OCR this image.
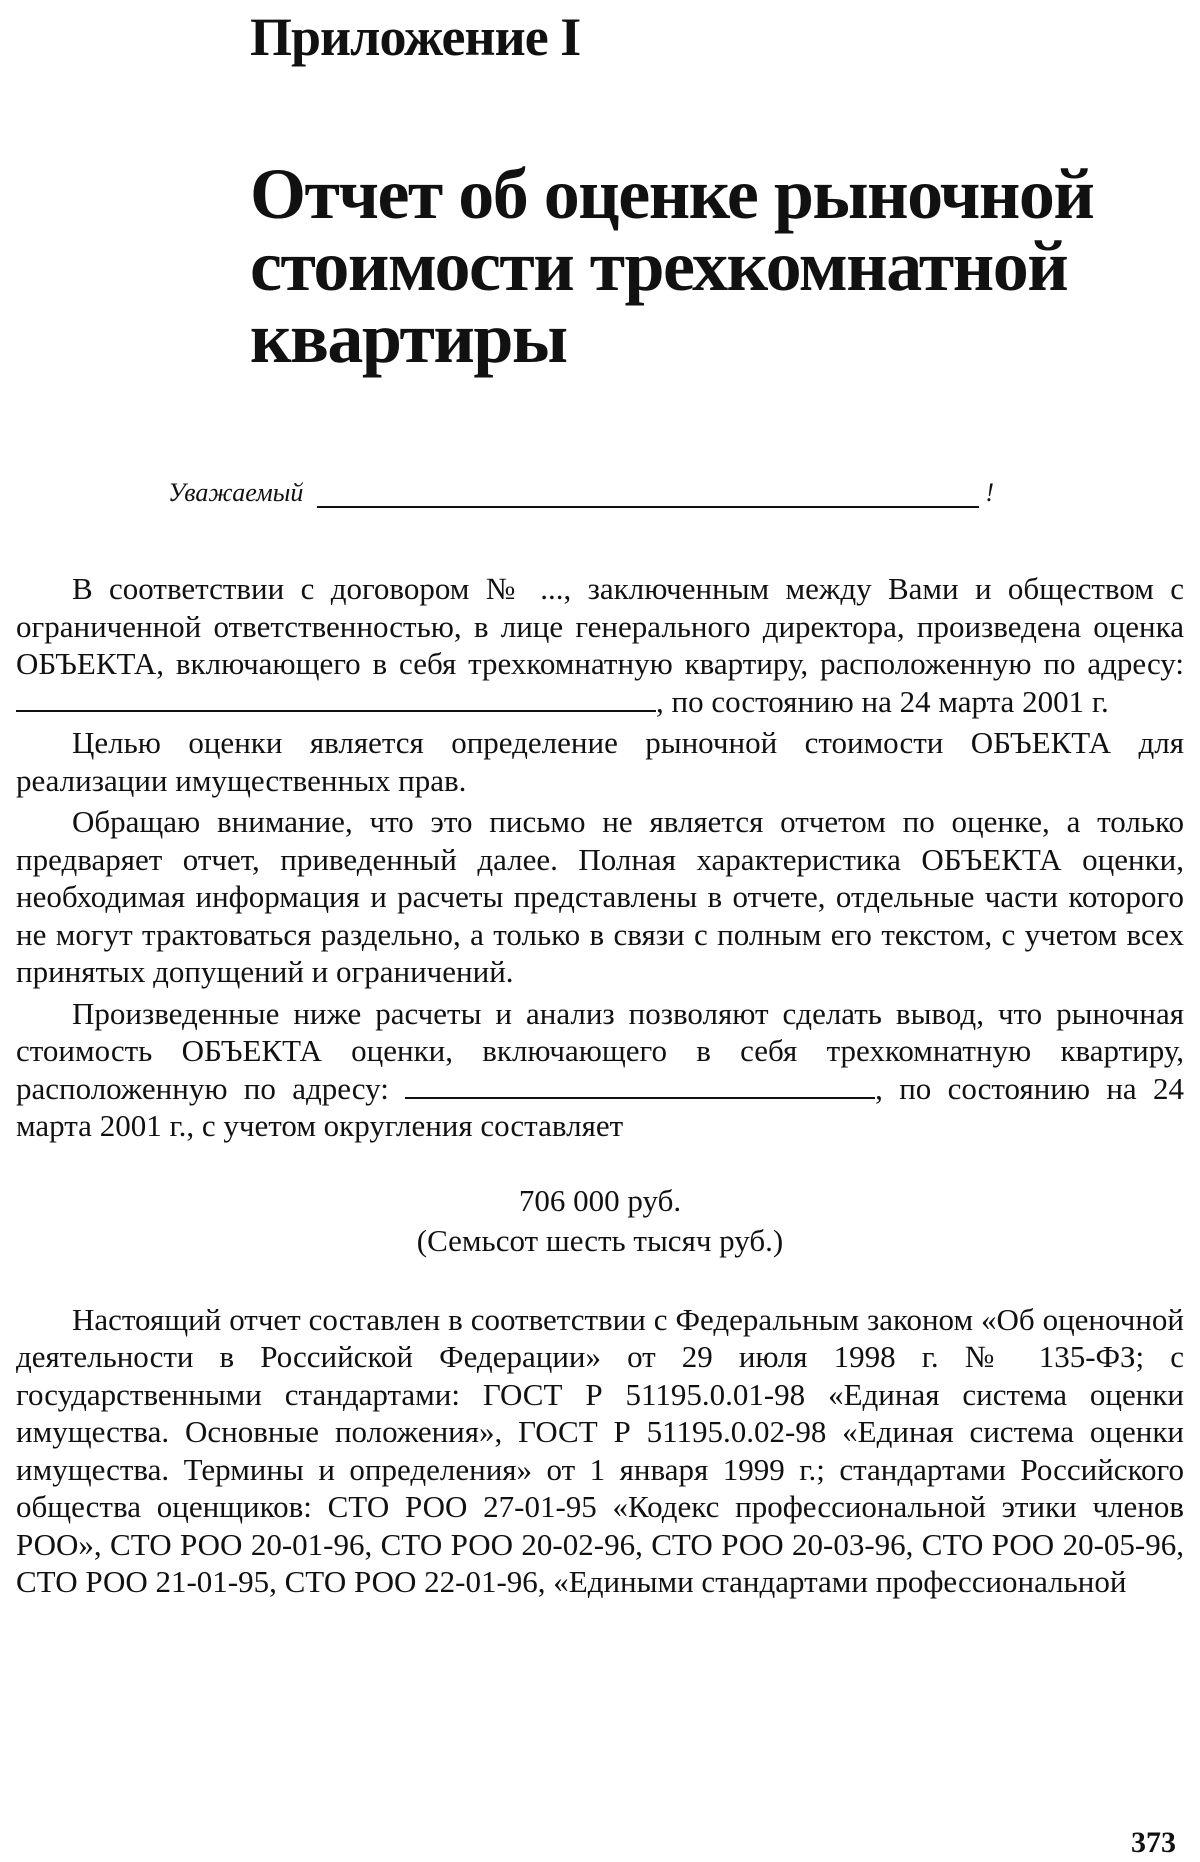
Приложение I
Отчет об оценке рыночной
стоимости трехкомнатной
квартиры
Уважаемый	!

В соответствии с договором № ..., заключенным между Вами и обществом с ограниченной ответственностью, в лице генерального директора, произведена оценка ОБЪЕКТА, включающего в себя трехкомнатную квартиру, расположенную по адресу: , по состоянию на 24 марта 2001 г.

Целью оценки является определение рыночной стоимости ОБЪЕКТА для реализации имущественных прав.

Обращаю внимание, что это письмо не является отчетом по оценке, а только предваряет отчет, приведенный далее. Полная характеристика ОБЪЕКТА оценки, необходимая информация и расчеты представлены в отчете, отдельные части которого не могут трактоваться раздельно, а только в связи с полным его текстом, с учетом всех принятых допущений и ограничений.

Произведенные ниже расчеты и анализ позволяют сделать вывод, что рыночная стоимость ОБЪЕКТА оценки, включающего в себя трехкомнатную квартиру, расположенную по адресу:	, по состоянию на 24 марта 2001 г., с учетом округления составляет

706 000 руб.
(Семьсот шесть тысяч руб.)

Настоящий отчет составлен в соответствии с Федеральным законом «Об оценочной деятельности в Российской Федерации» от 29 июля 1998 г. № 135-ФЗ; с государственными стандартами: ГОСТ Р 51195.0.01-98 «Единая система оценки имущества. Основные положения», ГОСТ Р 51195.0.02-98 «Единая система оценки имущества. Термины и определения» от 1 января 1999 г.; стандартами Российского общества оценщиков: СТО РОО 27-01-95 «Кодекс профессиональной этики членов РОО», СТО РОО 20-01-96, СТО РОО 20-02-96, СТО РОО 20-03-96, СТО РОО 20-05-96, СТО РОО 21-01-95, СТО РОО 22-01-96, «Едиными стандартами профессиональной

373
